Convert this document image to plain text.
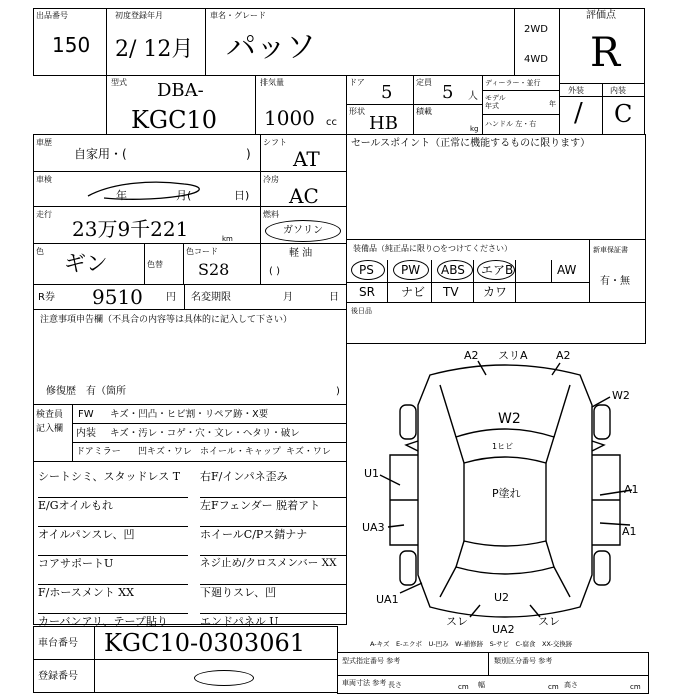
出品番号
150
初度登録年月
2/ 12月
車名・グレード
パッソ
2WD
4WD
評価点
R
型式 DBA-
KGC10
排気量
1000 cc
ドア 5	定員 5 人
ディーラー・並行
モデル年式	年
ハンドル 左・右
形状
HB
積載
kg
外装	内装
/ C
車歴
自家用・(	)
シフト
AT
セールスポイント（正常に機能するものに限ります）
車検
年	月(	日)
冷房
AC
走行
23万9千221	km
燃料
ガソリン
色
ギン	色替
色コード
S28
軽 油
( )
装備品（純正品に限り○をつけてください）
PS PW ABS エアB	AW
SR ナビ TV カワ
新車保証書
有・無
R券 9510 円 名変期限	月	日
後日品
注意事項申告欄（不具合の内容等は具体的に記入して下さい）
修復歴　有（箇所	)
検査員
記入欄
FW キズ・凹凸・ヒビ割・リペア跡・X要
内装 キズ・汚レ・コゲ・穴・文レ・ヘタリ・破レ
ドアミラー 凹キズ・ワレ ホイール・キャップ キズ・ワレ
シートシミ、スタッドレス T
E/Gオイルもれ
オイルパンスレ、凹
コアサポートU
F/ホースメント XX
カーバンアリ、テープ貼り
右F/インパネ歪み
左Fフェンダー 脱着アト
ホイールC/Pス錆ナナ
ネジ止め/クロスメンバー XX
下廻りスレ、凹
エンドパネル U
A2 スリA	A2
W2
W2
1ヒビ
U1
P塗れ	A1
UA3	A1
UA1
スレ
U2
スレ
UA2
A-キズ　E-エクボ　U-凹み　W-補修跡　S-サビ　C-腐食　XX-交換跡
車台番号 KGC10-0303061
登録番号
型式指定番号 参考	類別区分番号 参考
車両寸法 参考 長さ	cm 幅	cm 高さ	cm
